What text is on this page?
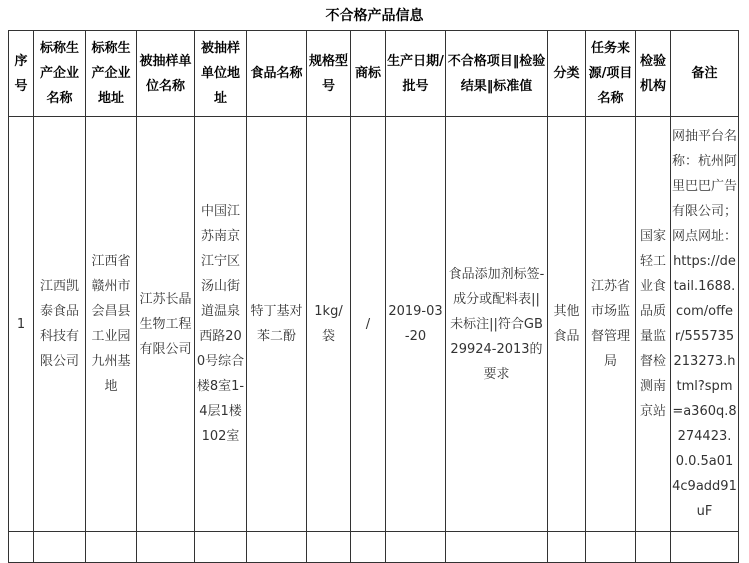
不合格产品信息
序号	标称生产企业名称	标称生产企业地址	被抽样单位名称	被抽样单位地址	食品名称	规格型号	商标	生产日期/批号	不合格项目‖检验结果‖标准值	分类	任务来源/项目名称	检验机构	备注
1	江西凯泰食品科技有限公司	江西省赣州市会昌县工业园九州基地	江苏长晶生物工程有限公司	中国江苏南京江宁区汤山街道温泉西路200号综合楼8室1-4层1楼102室	特丁基对苯二酚	1kg/袋	/	2019-03-20	食品添加剂标签-成分或配料表||未标注||符合GB29924-2013的要求	其他食品	江苏省市场监督管理局	国家轻工业食品质量监督检测南京站	网抽平台名称：杭州阿里巴巴广告有限公司；网点网址：https://detail.1688.com/offer/555735213273.html?spm=a360q.8274423.0.0.5a014c9add91uF
